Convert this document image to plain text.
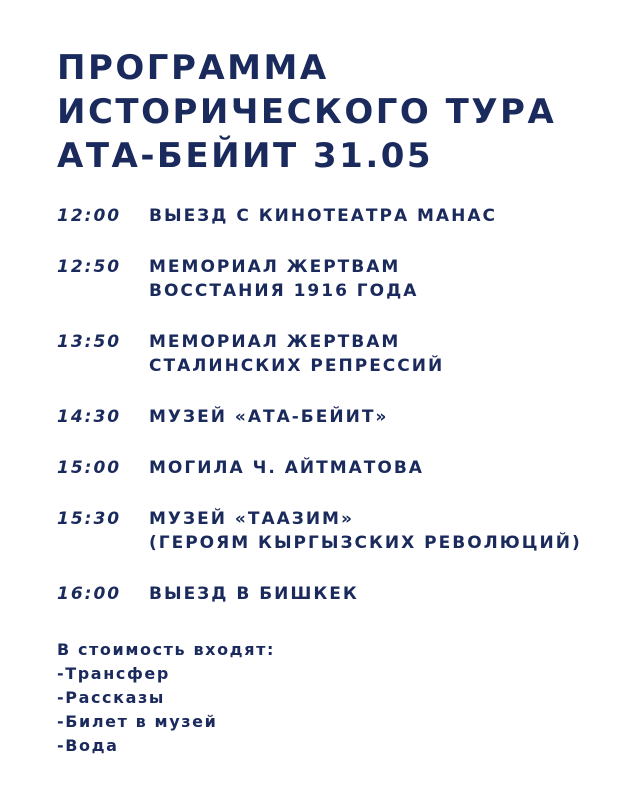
ПРОГРАММА
ИСТОРИЧЕСКОГО ТУРА
АТА-БЕЙИТ 31.05
12:00	ВЫЕЗД С КИНОТЕАТРА МАНАС
12:50	МЕМОРИАЛ ЖЕРТВАМ
ВОССТАНИЯ 1916 ГОДА
13:50	МЕМОРИАЛ ЖЕРТВАМ
СТАЛИНСКИХ РЕПРЕССИЙ
14:30	МУЗЕЙ «АТА-БЕЙИТ»
15:00	МОГИЛА Ч. АЙТМАТОВА
15:30	МУЗЕЙ «ТААЗИМ»
(ГЕРОЯМ КЫРГЫЗСКИХ РЕВОЛЮЦИЙ)
16:00	ВЫЕЗД В БИШКЕК
В стоимость входят:
-Трансфер
-Рассказы
-Билет в музей
-Вода
